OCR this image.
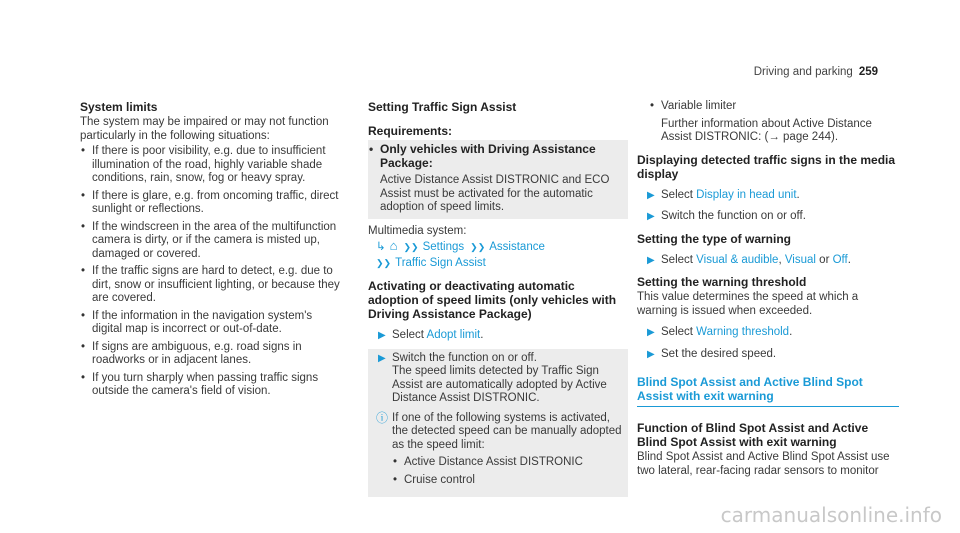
Driving and parking 259
System limits
The system may be impaired or may not function particularly in the following situations:
• If there is poor visibility, e.g. due to insufficient illumination of the road, highly variable shade conditions, rain, snow, fog or heavy spray.
• If there is glare, e.g. from oncoming traffic, direct sunlight or reflections.
• If the windscreen in the area of the multifunction camera is dirty, or if the camera is misted up, damaged or covered.
• If the traffic signs are hard to detect, e.g. due to dirt, snow or insufficient lighting, or because they are covered.
• If the information in the navigation system's digital map is incorrect or out-of-date.
• If signs are ambiguous, e.g. road signs in roadworks or in adjacent lanes.
• If you turn sharply when passing traffic signs outside the camera's field of vision.
Setting Traffic Sign Assist
Requirements:
• Only vehicles with Driving Assistance Package:
Active Distance Assist DISTRONIC and ECO Assist must be activated for the automatic adoption of speed limits.
Multimedia system:
↳ ⌂ ❯❯ Settings ❯❯ Assistance
❯❯ Traffic Sign Assist
Activating or deactivating automatic adoption of speed limits (only vehicles with Driving Assistance Package)
▶ Select Adopt limit.
▶ Switch the function on or off.
The speed limits detected by Traffic Sign Assist are automatically adopted by Active Distance Assist DISTRONIC.
ⓘ If one of the following systems is activated, the detected speed can be manually adopted as the speed limit:
• Active Distance Assist DISTRONIC
• Cruise control
• Variable limiter
Further information about Active Distance Assist DISTRONIC: (→ page 244).
Displaying detected traffic signs in the media display
▶ Select Display in head unit.
▶ Switch the function on or off.
Setting the type of warning
▶ Select Visual & audible, Visual or Off.
Setting the warning threshold
This value determines the speed at which a warning is issued when exceeded.
▶ Select Warning threshold.
▶ Set the desired speed.
Blind Spot Assist and Active Blind Spot Assist with exit warning
Function of Blind Spot Assist and Active Blind Spot Assist with exit warning
Blind Spot Assist and Active Blind Spot Assist use two lateral, rear-facing radar sensors to monitor
carmanualsonline.info
